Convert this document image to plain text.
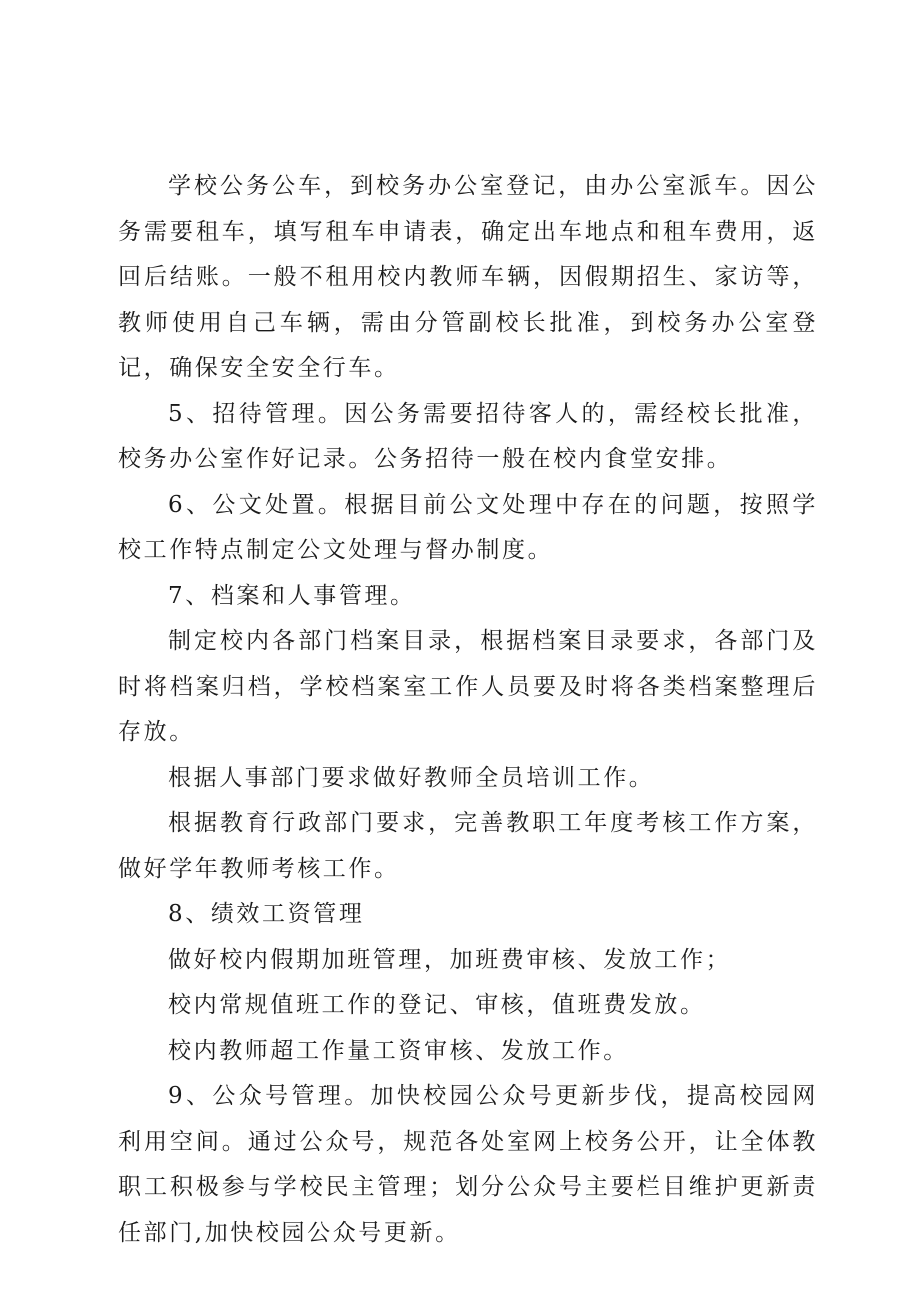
学校公务公车，到校务办公室登记，由办公室派车。因公务需要租车，填写租车申请表，确定出车地点和租车费用，返回后结账。一般不租用校内教师车辆，因假期招生、家访等，教师使用自己车辆，需由分管副校长批准，到校务办公室登记，确保安全安全行车。

5、招待管理。因公务需要招待客人的，需经校长批准，校务办公室作好记录。公务招待一般在校内食堂安排。

6、公文处置。根据目前公文处理中存在的问题，按照学校工作特点制定公文处理与督办制度。

7、档案和人事管理。

制定校内各部门档案目录，根据档案目录要求，各部门及时将档案归档，学校档案室工作人员要及时将各类档案整理后存放。

根据人事部门要求做好教师全员培训工作。

根据教育行政部门要求，完善教职工年度考核工作方案，做好学年教师考核工作。

8、绩效工资管理

做好校内假期加班管理，加班费审核、发放工作；

校内常规值班工作的登记、审核，值班费发放。

校内教师超工作量工资审核、发放工作。

9、公众号管理。加快校园公众号更新步伐，提高校园网利用空间。通过公众号，规范各处室网上校务公开，让全体教职工积极参与学校民主管理；划分公众号主要栏目维护更新责任部门,加快校园公众号更新。
